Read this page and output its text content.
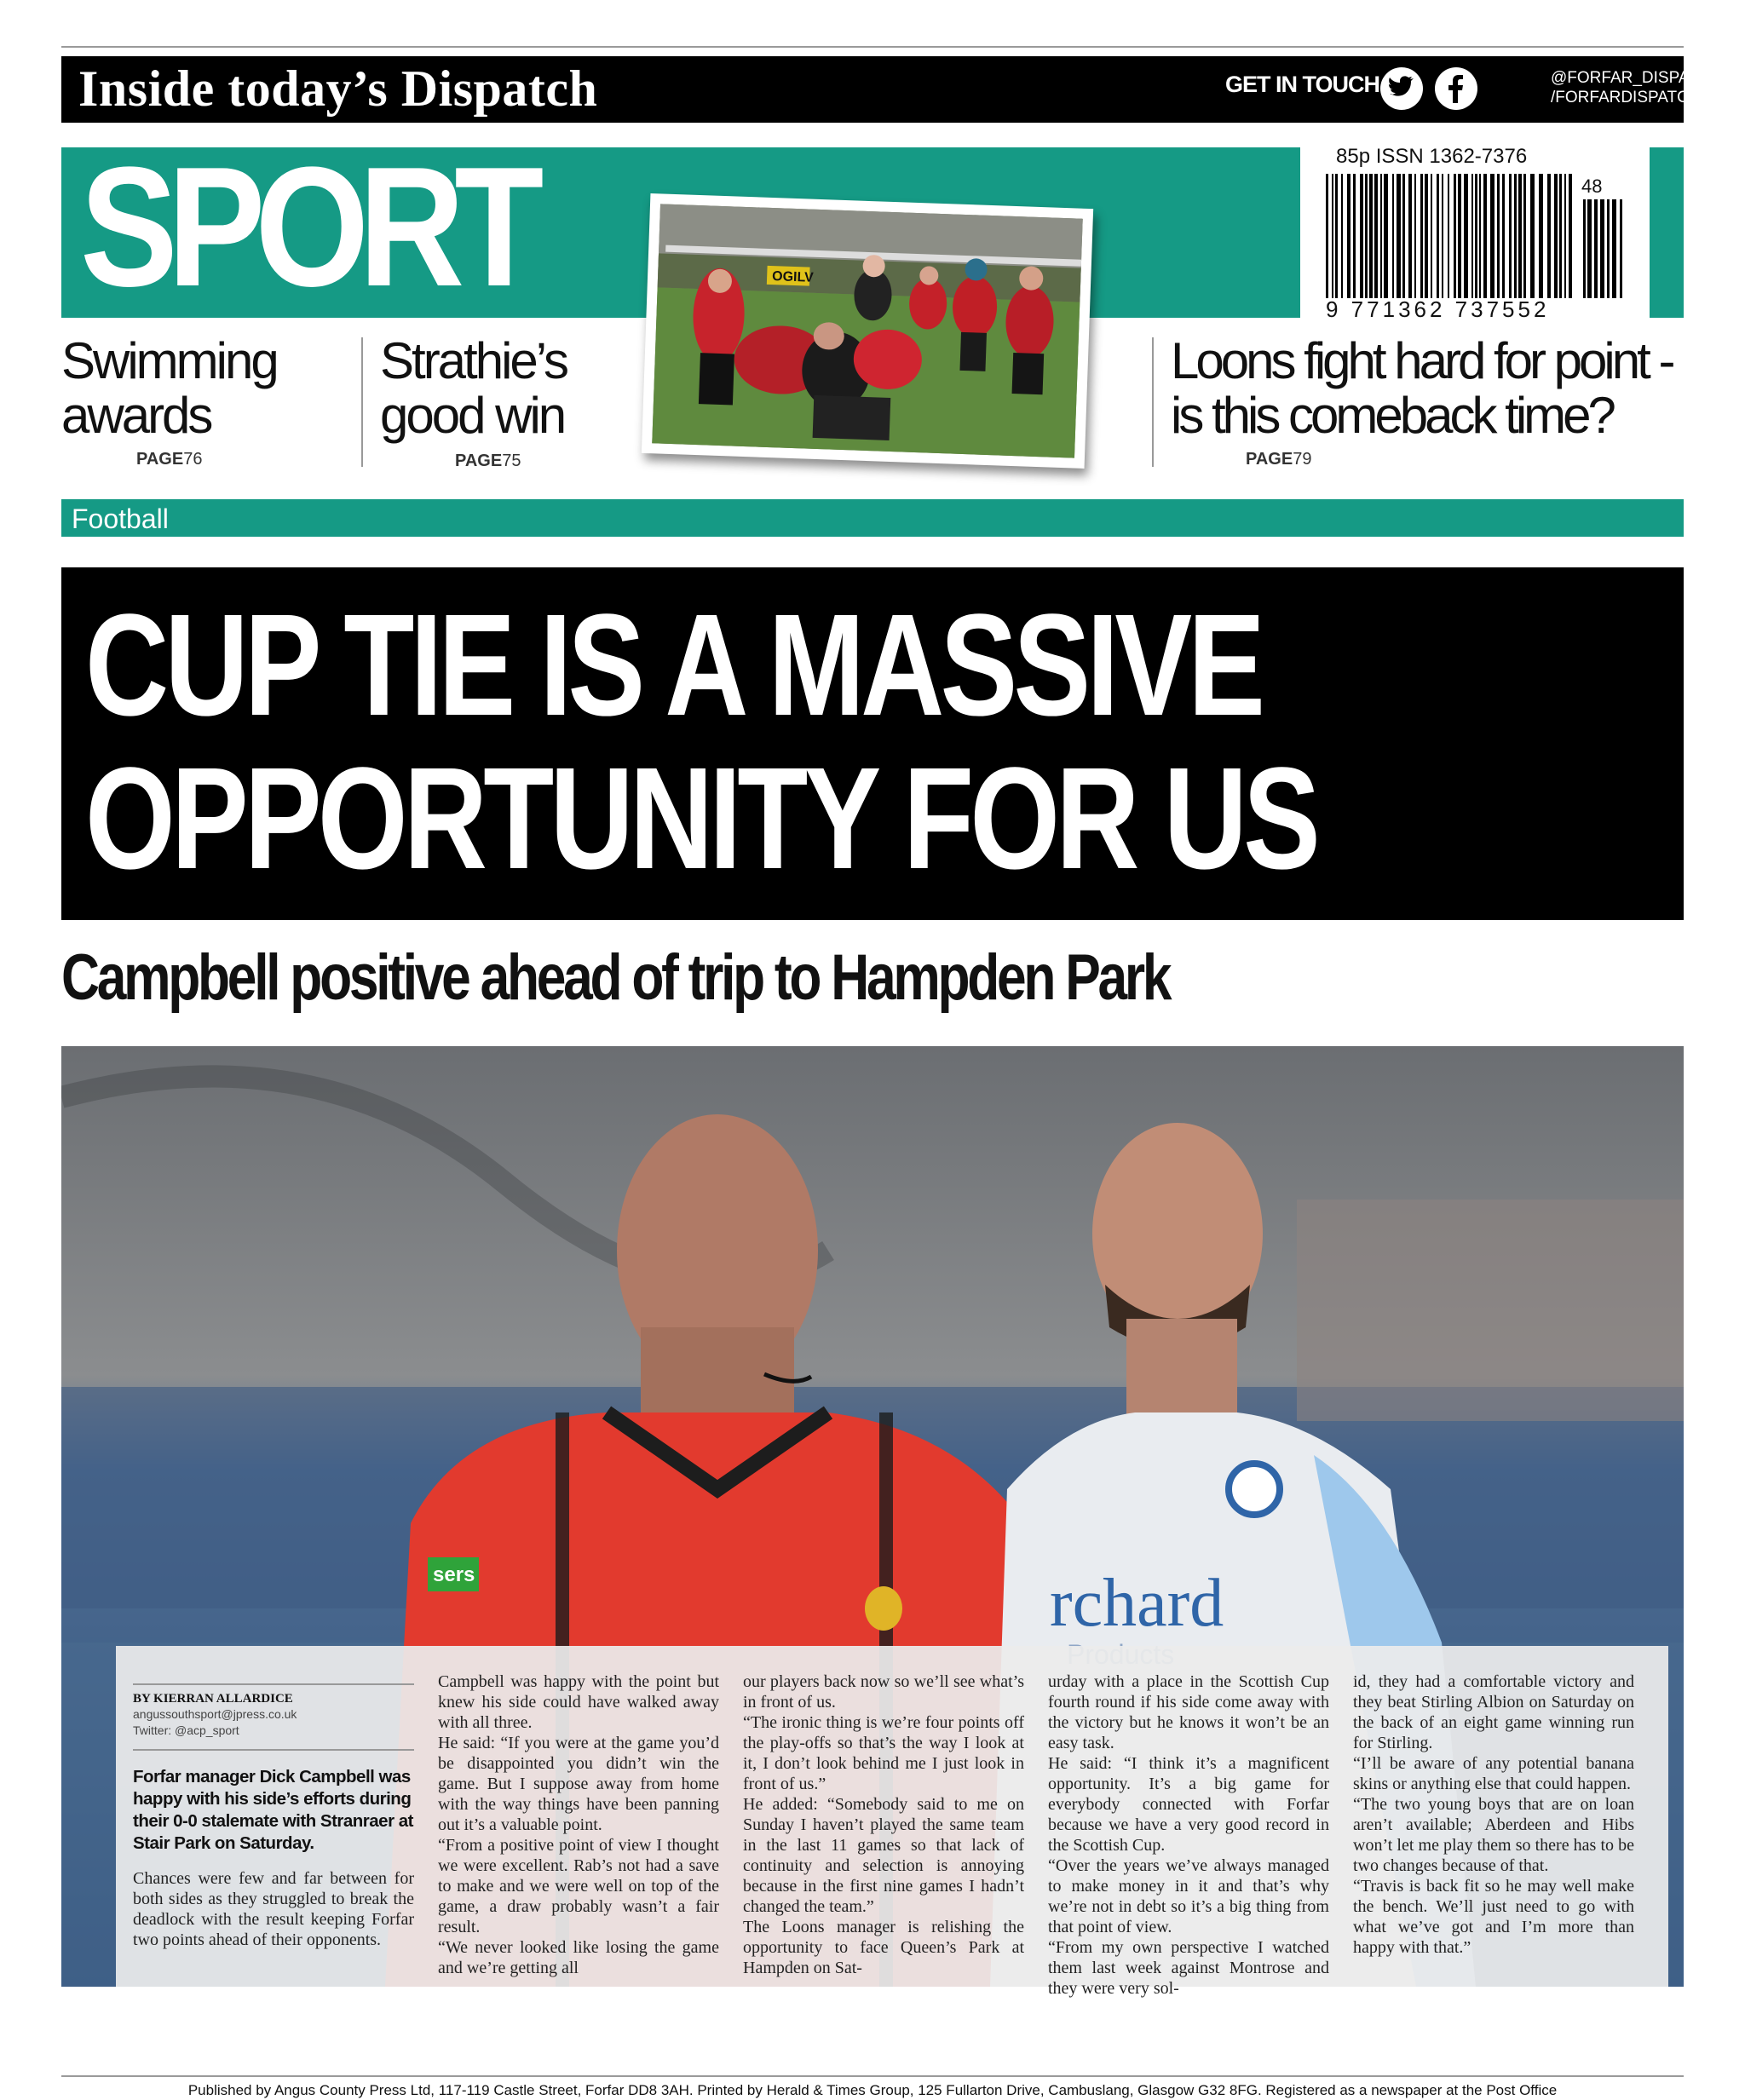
Inside today’s Dispatch	GET IN TOUCH	@FORFAR_DISPATCH
/FORFARDISPATCH
SPORT	85p ISSN 1362-7376
48
9 771362 737552
Swimming
awards
PAGE76
Strathie’s
good win
PAGE75
Loons fight hard for point -
is this comeback time?
PAGE79
OGILV
Football
CUP TIE IS A MASSIVE
OPPORTUNITY FOR US
Campbell positive ahead of trip to Hampden Park
sers	rchard
BY KIERRAN ALLARDICE
angussouthsport@jpress.co.uk
Twitter: @acp_sport
Forfar manager Dick Campbell was happy with his side’s efforts during their 0-0 stalemate with Stranraer at Stair Park on Saturday.
Chances were few and far between for both sides as they struggled to break the deadlock with the result keeping Forfar two points ahead of their opponents.
Campbell was happy with the point but knew his side could have walked away with all three.
He said: “If you were at the game you’d be disappointed you didn’t win the game. But I suppose away from home with the way things have been panning out it’s a valuable point.
“From a positive point of view I thought we were excellent. Rab’s not had a save to make and we were well on top of the game, a draw probably wasn’t a fair result.
“We never looked like losing the game and we’re getting all
our players back now so we’ll see what’s in front of us.
“The ironic thing is we’re four points off the play-offs so that’s the way I look at it, I don’t look behind me I just look in front of us.”
He added: “Somebody said to me on Sunday I haven’t played the same team in the last 11 games so that lack of continuity and selection is annoying because in the first nine games I hadn’t changed the team.”
The Loons manager is relishing the opportunity to face Queen’s Park at Hampden on Sat-
urday with a place in the Scottish Cup fourth round if his side come away with the victory but he knows it won’t be an easy task.
He said: “I think it’s a magnificent opportunity. It’s a big game for everybody connected with Forfar because we have a very good record in the Scottish Cup.
“Over the years we’ve always managed to make money in it and that’s why we’re not in debt so it’s a big thing from that point of view.
“From my own perspective I watched them last week against Montrose and they were very sol-
id, they had a comfortable victory and they beat Stirling Albion on Saturday on the back of an eight game winning run for Stirling.
“I’ll be aware of any potential banana skins or anything else that could happen.
“The two young boys that are on loan aren’t available; Aberdeen and Hibs won’t let me play them so there has to be two changes because of that.
“Travis is back fit so he may well make the bench. We’ll just need to go with what we’ve got and I’m more than happy with that.”
Published by Angus County Press Ltd, 117-119 Castle Street, Forfar DD8 3AH. Printed by Herald & Times Group, 125 Fullarton Drive, Cambuslang, Glasgow G32 8FG. Registered as a newspaper at the Post Office
